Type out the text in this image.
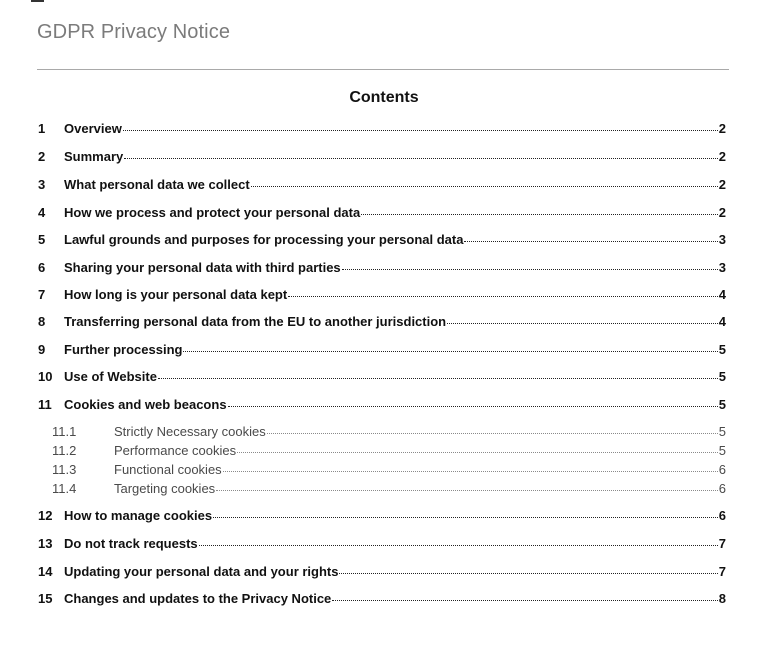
GDPR Privacy Notice
Contents
1	Overview	2
2	Summary	2
3	What personal data we collect	2
4	How we process and protect your personal data	2
5	Lawful grounds and purposes for processing your personal data	3
6	Sharing your personal data with third parties	3
7	How long is your personal data kept	4
8	Transferring personal data from the EU to another jurisdiction	4
9	Further processing	5
10 Use of Website	5
11 Cookies and web beacons	5
11.1	Strictly Necessary cookies	5
11.2	Performance cookies	5
11.3	Functional cookies	6
11.4	Targeting cookies	6
12 How to manage cookies	6
13 Do not track requests	7
14 Updating your personal data and your rights	7
15 Changes and updates to the Privacy Notice	8
